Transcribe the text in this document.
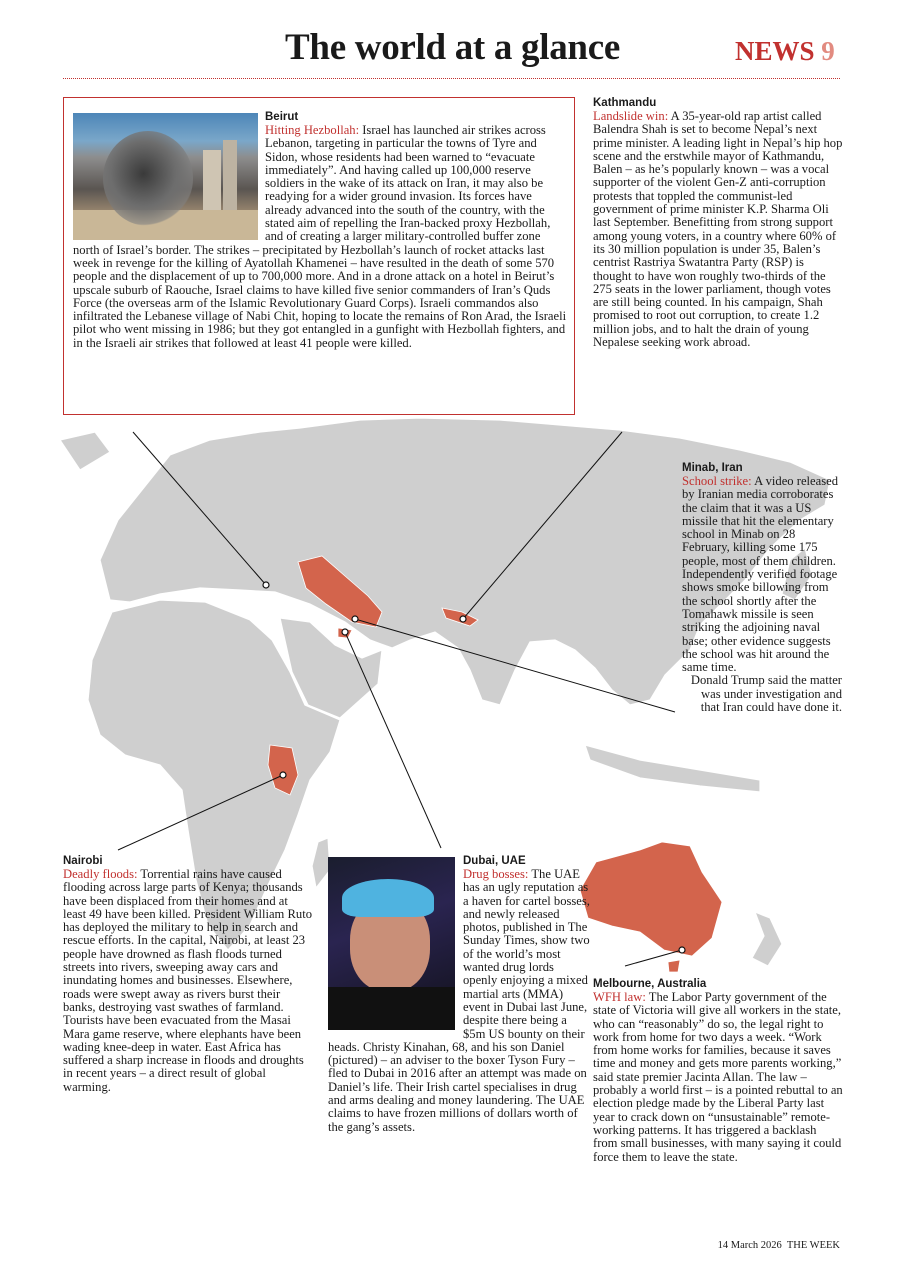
The world at a glance	NEWS 9
Beirut
Hitting Hezbollah: Israel has launched air strikes across Lebanon, targeting in particular the towns of Tyre and Sidon, whose residents had been warned to “evacuate immediately”. And having called up 100,000 reserve soldiers in the wake of its attack on Iran, it may also be readying for a wider ground invasion. Its forces have already advanced into the south of the country, with the stated aim of repelling the Iran-backed proxy Hezbollah, and of creating a larger military-controlled buffer zone north of Israel’s border. The strikes – precipitated by Hezbollah’s launch of rocket attacks last week in revenge for the killing of Ayatollah Khamenei – have resulted in the death of some 570 people and the displacement of up to 700,000 more. And in a drone attack on a hotel in Beirut’s upscale suburb of Raouche, Israel claims to have killed five senior commanders of Iran’s Quds Force (the overseas arm of the Islamic Revolutionary Guard Corps). Israeli commandos also infiltrated the Lebanese village of Nabi Chit, hoping to locate the remains of Ron Arad, the Israeli pilot who went missing in 1986; but they got entangled in a gunfight with Hezbollah fighters, and in the Israeli air strikes that followed at least 41 people were killed.
Kathmandu
Landslide win: A 35-year-old rap artist called Balendra Shah is set to become Nepal’s next prime minister. A leading light in Nepal’s hip hop scene and the erstwhile mayor of Kathmandu, Balen – as he’s popularly known – was a vocal supporter of the violent Gen-Z anti-corruption protests that toppled the communist-led government of prime minister K.P. Sharma Oli last September. Benefitting from strong support among young voters, in a country where 60% of its 30 million population is under 35, Balen’s centrist Rastriya Swatantra Party (RSP) is thought to have won roughly two-thirds of the 275 seats in the lower parliament, though votes are still being counted. In his campaign, Shah promised to root out corruption, to create 1.2 million jobs, and to halt the drain of young Nepalese seeking work abroad.
Minab, Iran
School strike: A video released by Iranian media corroborates the claim that it was a US missile that hit the elementary school in Minab on 28 February, killing some 175 people, most of them children. Independently verified footage shows smoke billowing from the school shortly after the Tomahawk missile is seen striking the adjoining naval base; other evidence suggests the school was hit around the same time.
Donald Trump said the matter was under investigation and that Iran could have done it.
Nairobi
Deadly floods: Torrential rains have caused flooding across large parts of Kenya; thousands have been displaced from their homes and at least 49 have been killed. President William Ruto has deployed the military to help in search and rescue efforts. In the capital, Nairobi, at least 23 people have drowned as flash floods turned streets into rivers, sweeping away cars and inundating homes and businesses. Elsewhere, roads were swept away as rivers burst their banks, destroying vast swathes of farmland. Tourists have been evacuated from the Masai Mara game reserve, where elephants have been wading knee-deep in water. East Africa has suffered a sharp increase in floods and droughts in recent years – a direct result of global warming.
Dubai, UAE
Drug bosses: The UAE has an ugly reputation as a haven for cartel bosses, and newly released photos, published in The Sunday Times, show two of the world’s most wanted drug lords openly enjoying a mixed martial arts (MMA) event in Dubai last June, despite there being a $5m US bounty on their heads. Christy Kinahan, 68, and his son Daniel (pictured) – an adviser to the boxer Tyson Fury – fled to Dubai in 2016 after an attempt was made on Daniel’s life. Their Irish cartel specialises in drug and arms dealing and money laundering. The UAE claims to have frozen millions of dollars worth of the gang’s assets.
Melbourne, Australia
WFH law: The Labor Party government of the state of Victoria will give all workers in the state, who can “reasonably” do so, the legal right to work from home for two days a week. “Work from home works for families, because it saves time and money and gets more parents working,” said state premier Jacinta Allan. The law – probably a world first – is a pointed rebuttal to an election pledge made by the Liberal Party last year to crack down on “unsustainable” remote-working patterns. It has triggered a backlash from small businesses, with many saying it could force them to leave the state.
14 March 2026 THE WEEK
